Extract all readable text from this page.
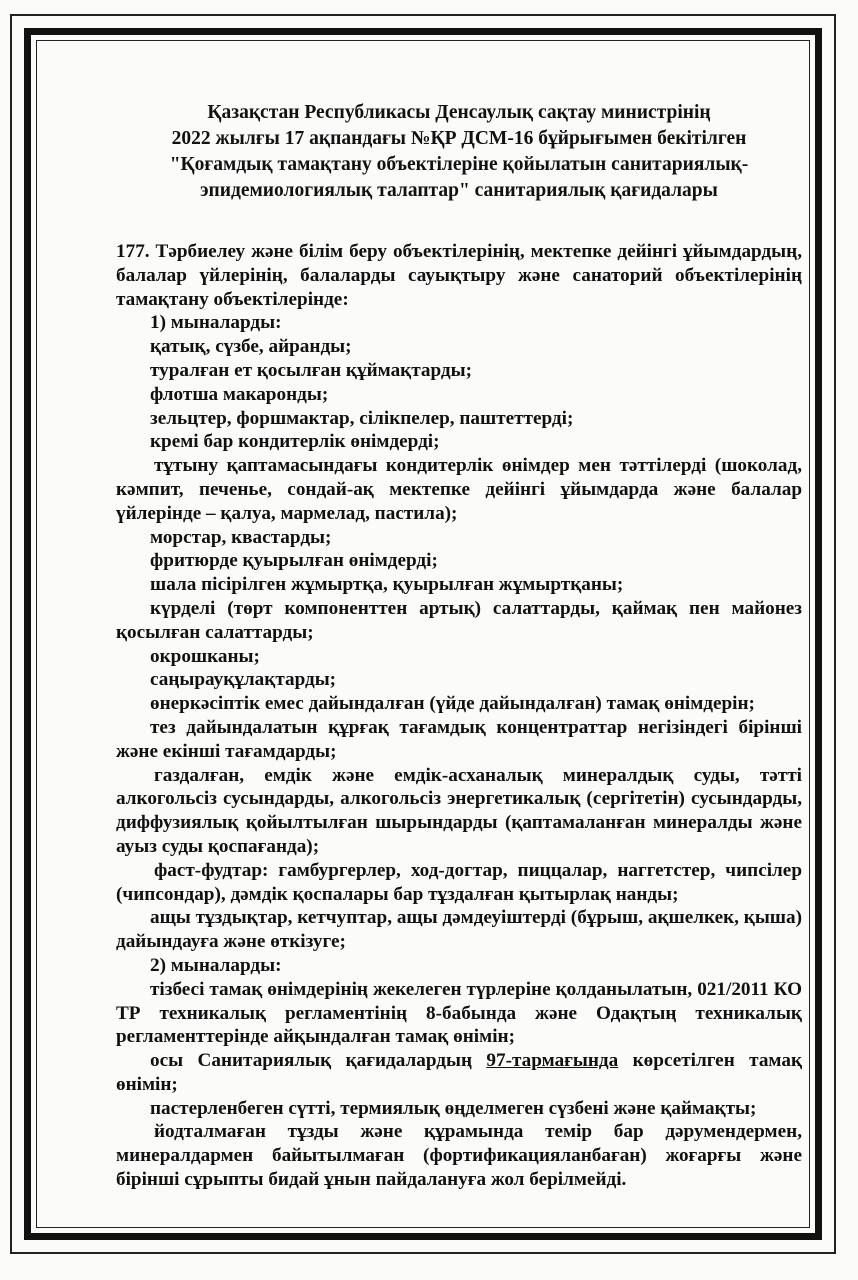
Қазақстан Республикасы Денсаулық сақтау министрінің
2022 жылғы 17 ақпандағы №ҚР ДСМ-16 бұйрығымен бекітілген
"Қоғамдық тамақтану объектілеріне қойылатын санитариялық-
эпидемиологиялық талаптар" санитариялық қағидалары
177. Тәрбиелеу және білім беру объектілерінің, мектепке дейінгі ұйымдардың, балалар үйлерінің, балаларды сауықтыру және санаторий объектілерінің тамақтану объектілерінде:
1) мыналарды:
қатық, сүзбе, айранды;
туралған ет қосылған құймақтарды;
флотша макаронды;
зельцтер, форшмактар, сілікпелер, паштеттерді;
кремі бар кондитерлік өнімдерді;
тұтыну қаптамасындағы кондитерлік өнімдер мен тәттілерді (шоколад, кәмпит, печенье, сондай-ақ мектепке дейінгі ұйымдарда және балалар үйлерінде – қалуа, мармелад, пастила);
морстар, квастарды;
фритюрде қуырылған өнімдерді;
шала пісірілген жұмыртқа, қуырылған жұмыртқаны;
күрделі (төрт компоненттен артық) салаттарды, қаймақ пен майонез қосылған салаттарды;
окрошканы;
саңырауқұлақтарды;
өнеркәсіптік емес дайындалған (үйде дайындалған) тамақ өнімдерін;
тез дайындалатын құрғақ тағамдық концентраттар негізіндегі бірінші және екінші тағамдарды;
газдалған, емдік және емдік-асханалық минералдық суды, тәтті алкогольсіз сусындарды, алкогольсіз энергетикалық (сергітетін) сусындарды, диффузиялық қойылтылған шырындарды (қаптамаланған минералды және ауыз суды қоспағанда);
фаст-фудтар: гамбургерлер, ход-догтар, пиццалар, наггетстер, чипсілер (чипсондар), дәмдік қоспалары бар тұздалған қытырлақ нанды;
ащы тұздықтар, кетчуптар, ащы дәмдеуіштерді (бұрыш, ақшелкек, қыша) дайындауға және өткізуге;
2) мыналарды:
тізбесі тамақ өнімдерінің жекелеген түрлеріне қолданылатын, 021/2011 КО ТР техникалық регламентінің 8-бабында және Одақтың техникалық регламенттерінде айқындалған тамақ өнімін;
осы Санитариялық қағидалардың 97-тармағында көрсетілген тамақ өнімін;
пастерленбеген сүтті, термиялық өңделмеген сүзбені және қаймақты;
йодталмаған тұзды және құрамында темір бар дәрумендермен, минералдармен байытылмаған (фортификацияланбаған) жоғарғы және бірінші сұрыпты бидай ұнын пайдалануға жол берілмейді.
